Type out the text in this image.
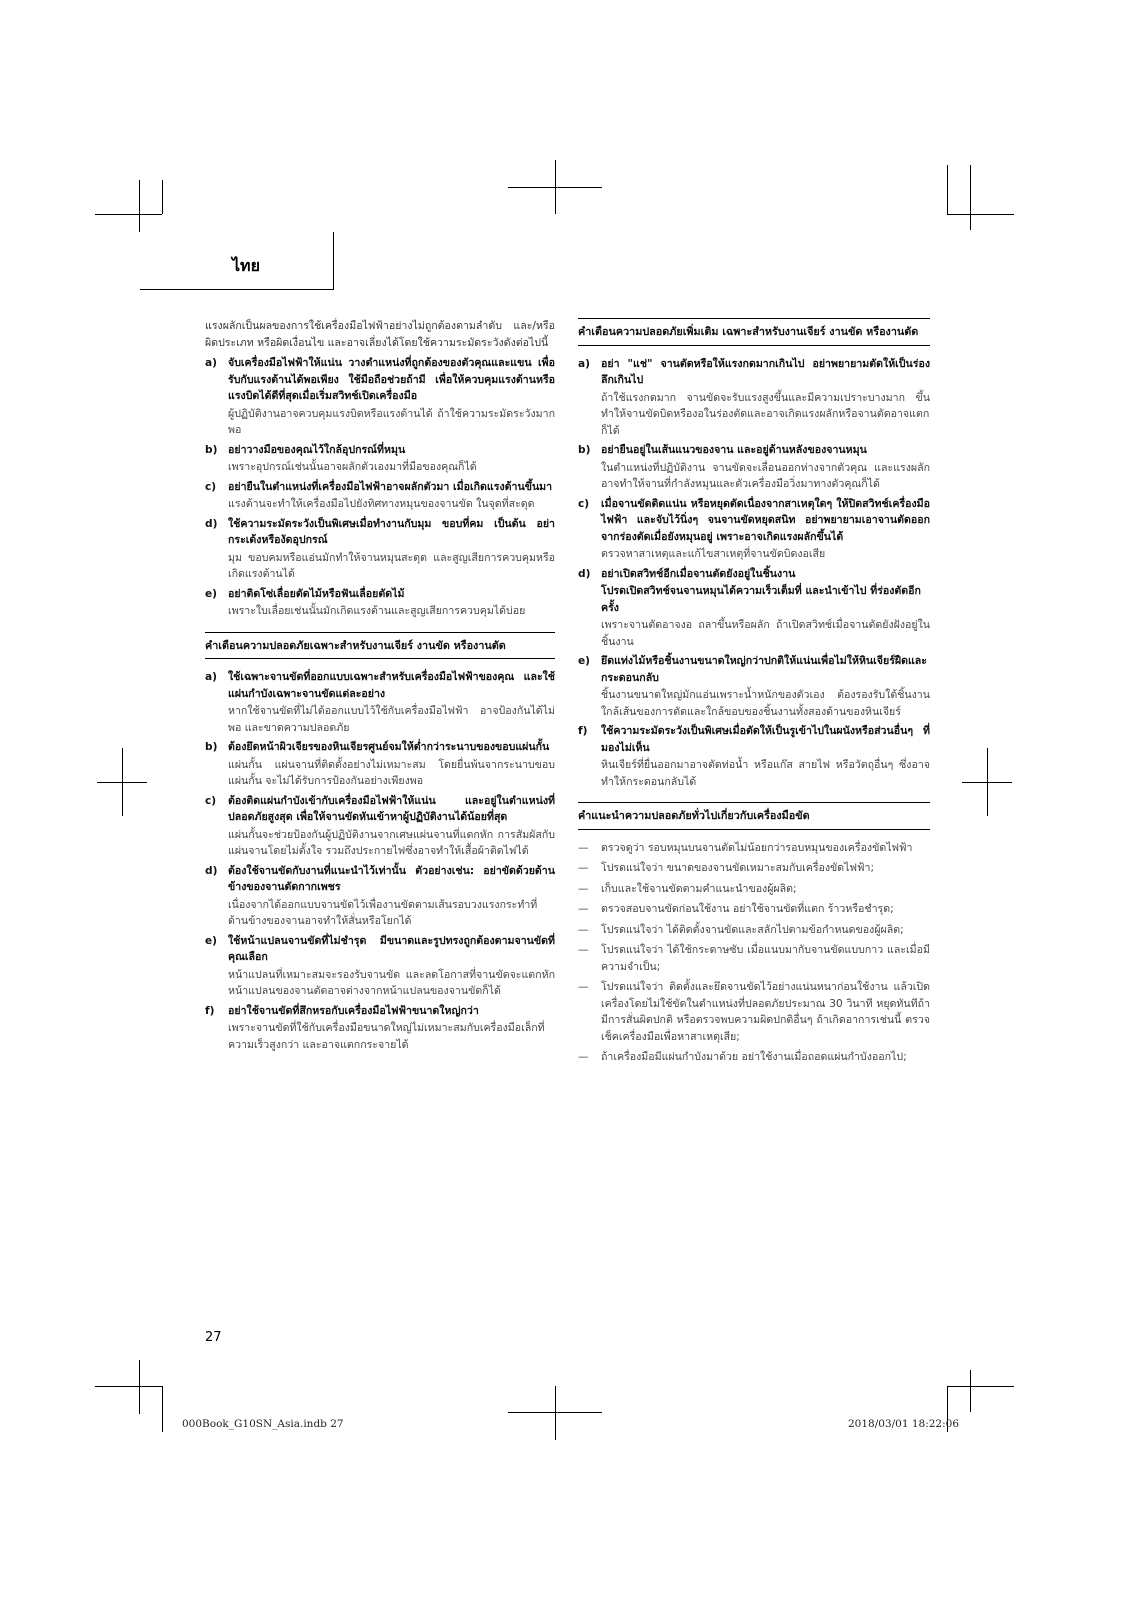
ไทย

แรงผลักเป็นผลของการใช้เครื่องมือไฟฟ้าอย่างไม่ถูกต้องตามลำดับ และ/หรือผิดประเภท หรือผิดเงื่อนไข และอาจเลี่ยงได้โดยใช้ความระมัดระวังดังต่อไปนี้

a) จับเครื่องมือไฟฟ้าให้แน่น วางตำแหน่งที่ถูกต้องของตัวคุณและแขน เพื่อรับกับแรงต้านได้พอเพียง ใช้มือถือช่วยถ้ามี เพื่อให้ควบคุมแรงต้านหรือแรงบิดได้ดีที่สุดเมื่อเริ่มสวิทช์เปิดเครื่องมือ

ผู้ปฏิบัติงานอาจควบคุมแรงบิดหรือแรงต้านได้ ถ้าใช้ความระมัดระวังมากพอ

b) อย่าวางมือของคุณไว้ใกล้อุปกรณ์ที่หมุน

เพราะอุปกรณ์เช่นนั้นอาจผลักตัวเองมาที่มือของคุณก็ได้

c) อย่ายืนในตำแหน่งที่เครื่องมือไฟฟ้าอาจผลักตัวมา เมื่อเกิดแรงต้านขึ้นมา

แรงต้านจะทำให้เครื่องมือไปยังทิศทางหมุนของจานขัด ในจุดที่สะดุด

d) ใช้ความระมัดระวังเป็นพิเศษเมื่อทำงานกับมุม ขอบที่คม เป็นต้น อย่ากระเด้งหรืองัดอุปกรณ์

มุม ขอบคมหรือแอ่นมักทำให้จานหมุนสะดุด และสูญเสียการควบคุมหรือเกิดแรงต้านได้

e) อย่าติดโซ่เลื่อยตัดไม้หรือฟันเลื่อยตัดไม้

เพราะใบเลื่อยเช่นนั้นมักเกิดแรงต้านและสูญเสียการควบคุมได้บ่อย

คำเตือนความปลอดภัยเฉพาะสำหรับงานเจียร์ งานขัด หรืองานตัด
a) ใช้เฉพาะจานขัดที่ออกแบบเฉพาะสำหรับเครื่องมือไฟฟ้าของคุณ และใช้แผ่นกำบังเฉพาะจานขัดแต่ละอย่าง

หากใช้จานขัดที่ไม่ได้ออกแบบไว้ใช้กับเครื่องมือไฟฟ้า อาจป้องกันได้ไม่พอ และขาดความปลอดภัย

b) ต้องยึดหน้าผิวเจียรของหินเจียรศูนย์จมให้ต่ำกว่าระนาบของขอบแผ่นกั้น

แผ่นกั้น แผ่นจานที่ติดตั้งอย่างไม่เหมาะสม โดยยื่นพ้นจากระนาบขอบแผ่นกั้น จะไม่ได้รับการป้องกันอย่างเพียงพอ

c) ต้องติดแผ่นกำบังเข้ากับเครื่องมือไฟฟ้าให้แน่น และอยู่ในตำแหน่งที่ปลอดภัยสูงสุด เพื่อให้จานขัดหันเข้าหาผู้ปฏิบัติงานได้น้อยที่สุด

แผ่นกั้นจะช่วยป้องกันผู้ปฏิบัติงานจากเศษแผ่นจานที่แตกหัก การสัมผัสกับแผ่นจานโดยไม่ตั้งใจ รวมถึงประกายไฟซึ่งอาจทำให้เสื้อผ้าติดไฟได้

d) ต้องใช้จานขัดกับงานที่แนะนำไว้เท่านั้น ตัวอย่างเช่น: อย่าขัดด้วยด้านข้างของจานตัดกากเพชร

เนื่องจากได้ออกแบบจานขัดไว้เพื่องานขัดตามเส้นรอบวงแรงกระทำที่ด้านข้างของจานอาจทำให้สั่นหรือโยกได้

e) ใช้หน้าแปลนจานขัดที่ไม่ชำรุด มีขนาดและรูปทรงถูกต้องตามจานขัดที่คุณเลือก

หน้าแปลนที่เหมาะสมจะรองรับจานขัด และลดโอกาสที่จานขัดจะแตกหัก หน้าแปลนของจานตัดอาจต่างจากหน้าแปลนของจานขัดก็ได้

f) อย่าใช้จานขัดที่สึกหรอกับเครื่องมือไฟฟ้าขนาดใหญ่กว่า

เพราะจานขัดที่ใช้กับเครื่องมือขนาดใหญ่ไม่เหมาะสมกับเครื่องมือเล็กที่ความเร็วสูงกว่า และอาจแตกกระจายได้

คำเตือนความปลอดภัยเพิ่มเติม เฉพาะสำหรับงานเจียร์ งานขัด หรืองานตัด
a) อย่า "แช่" จานตัดหรือให้แรงกดมากเกินไป อย่าพยายามตัดให้เป็นร่องลึกเกินไป

ถ้าใช้แรงกดมาก จานขัดจะรับแรงสูงขึ้นและมีความเปราะบางมาก ขึ้น ทำให้จานขัดบิดหรืองอในร่องตัดและอาจเกิดแรงผลักหรือจานตัดอาจแตกก็ได้

b) อย่ายืนอยู่ในเส้นแนวของจาน และอยู่ด้านหลังของจานหมุน

ในตำแหน่งที่ปฏิบัติงาน จานขัดจะเลื่อนออกห่างจากตัวคุณ และแรงผลักอาจทำให้จานที่กำลังหมุนและตัวเครื่องมือวิ่งมาทางตัวคุณก็ได้

c) เมื่อจานขัดติดแน่น หรือหยุดตัดเนื่องจากสาเหตุใดๆ ให้ปิดสวิทช์เครื่องมือไฟฟ้า และจับไว้นิ่งๆ จนจานขัดหยุดสนิท อย่าพยายามเอาจานตัดออกจากร่องตัดเมื่อยังหมุนอยู่ เพราะอาจเกิดแรงผลักขึ้นได้

ตรวจหาสาเหตุและแก้ไขสาเหตุที่จานขัดบิดงอเสีย

d) อย่าเปิดสวิทช์อีกเมื่อจานตัดยังอยู่ในชิ้นงาน

โปรดเปิดสวิทช์จนจานหมุนได้ความเร็วเต็มที่ และนำเข้าไป ที่ร่องตัดอีกครั้ง

เพราะจานตัดอาจงอ ถลาขึ้นหรือผลัก ถ้าเปิดสวิทช์เมื่อจานตัดยังฝังอยู่ในชิ้นงาน

e) ยึดแท่งไม้หรือชิ้นงานขนาดใหญ่กว่าปกติให้แน่นเพื่อไม่ให้หินเจียร์ฝืดและกระดอนกลับ

ชิ้นงานขนาดใหญ่มักแอ่นเพราะน้ำหนักของตัวเอง ต้องรองรับใต้ชิ้นงานใกล้เส้นของการตัดและใกล้ขอบของชิ้นงานทั้งสองด้านของหินเจียร์

f) ใช้ความระมัดระวังเป็นพิเศษเมื่อตัดให้เป็นรูเข้าไปในผนังหรือส่วนอื่นๆ ที่มองไม่เห็น

หินเจียร์ที่ยื่นออกมาอาจตัดท่อน้ำ หรือแก๊ส สายไฟ หรือวัตถุอื่นๆ ซึ่งอาจทำให้กระดอนกลับได้

คำแนะนำความปลอดภัยทั่วไปเกี่ยวกับเครื่องมือขัด
— ตรวจดูว่า รอบหมุนบนจานตัดไม่น้อยกว่ารอบหมุนของเครื่องขัดไฟฟ้า
— โปรดแน่ใจว่า ขนาดของจานขัดเหมาะสมกับเครื่องขัดไฟฟ้า;
— เก็บและใช้จานขัดตามคำแนะนำของผู้ผลิต;
— ตรวจสอบจานขัดก่อนใช้งาน อย่าใช้จานขัดที่แตก ร้าวหรือชำรุด;
— โปรดแน่ใจว่า ได้ติดตั้งจานขัดและสลักไปตามข้อกำหนดของผู้ผลิต;
— โปรดแน่ใจว่า ได้ใช้กระดาษซับ เมื่อแนบมากับจานขัดแบบกาว และเมื่อมีความจำเป็น;
— โปรดแน่ใจว่า ติดตั้งและยึดจานขัดไว้อย่างแน่นหนาก่อนใช้งาน แล้วเปิดเครื่องโดยไม่ใช้ขัดในตำแหน่งที่ปลอดภัยประมาณ 30 วินาที หยุดทันทีถ้ามีการสั่นผิดปกติ หรือตรวจพบความผิดปกติอื่นๆ ถ้าเกิดอาการเช่นนี้ ตรวจเช็คเครื่องมือเพื่อหาสาเหตุเสีย;
— ถ้าเครื่องมือมีแผ่นกำบังมาด้วย อย่าใช้งานเมื่อถอดแผ่นกำบังออกไป;
27
000Book_G10SN_Asia.indb 27	2018/03/01 18:22:06
